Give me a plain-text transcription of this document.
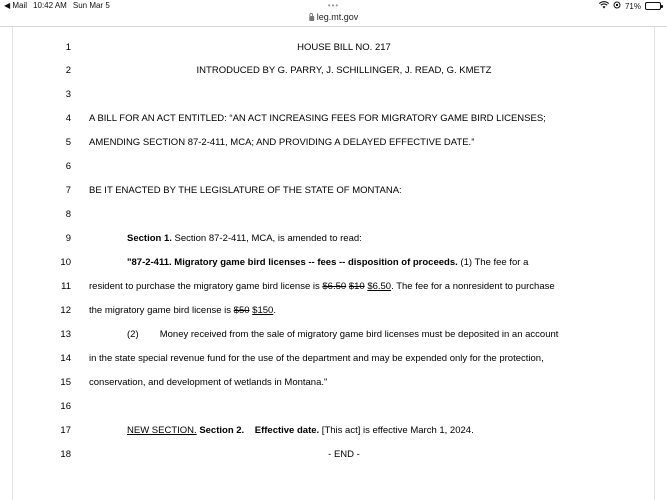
◀ Mail 10:42 AM Sun Mar 5	71%
•••
leg.mt.gov
1	HOUSE BILL NO. 217
2	INTRODUCED BY G. PARRY, J. SCHILLINGER, J. READ, G. KMETZ
3
4 A BILL FOR AN ACT ENTITLED: “AN ACT INCREASING FEES FOR MIGRATORY GAME BIRD LICENSES;
5 AMENDING SECTION 87-2-411, MCA; AND PROVIDING A DELAYED EFFECTIVE DATE.”
6
7 BE IT ENACTED BY THE LEGISLATURE OF THE STATE OF MONTANA:
8
9	Section 1. Section 87-2-411, MCA, is amended to read:
10	"87-2-411. Migratory game bird licenses -- fees -- disposition of proceeds. (1) The fee for a
11 resident to purchase the migratory game bird license is $6.50 $10 $6.50. The fee for a nonresident to purchase
12 the migratory game bird license is $50 $150.
13	(2)        Money received from the sale of migratory game bird licenses must be deposited in an account
14 in the state special revenue fund for the use of the department and may be expended only for the protection,
15 conservation, and development of wetlands in Montana."
16
17	NEW SECTION. Section 2.    Effective date. [This act] is effective March 1, 2024.
18	- END -
